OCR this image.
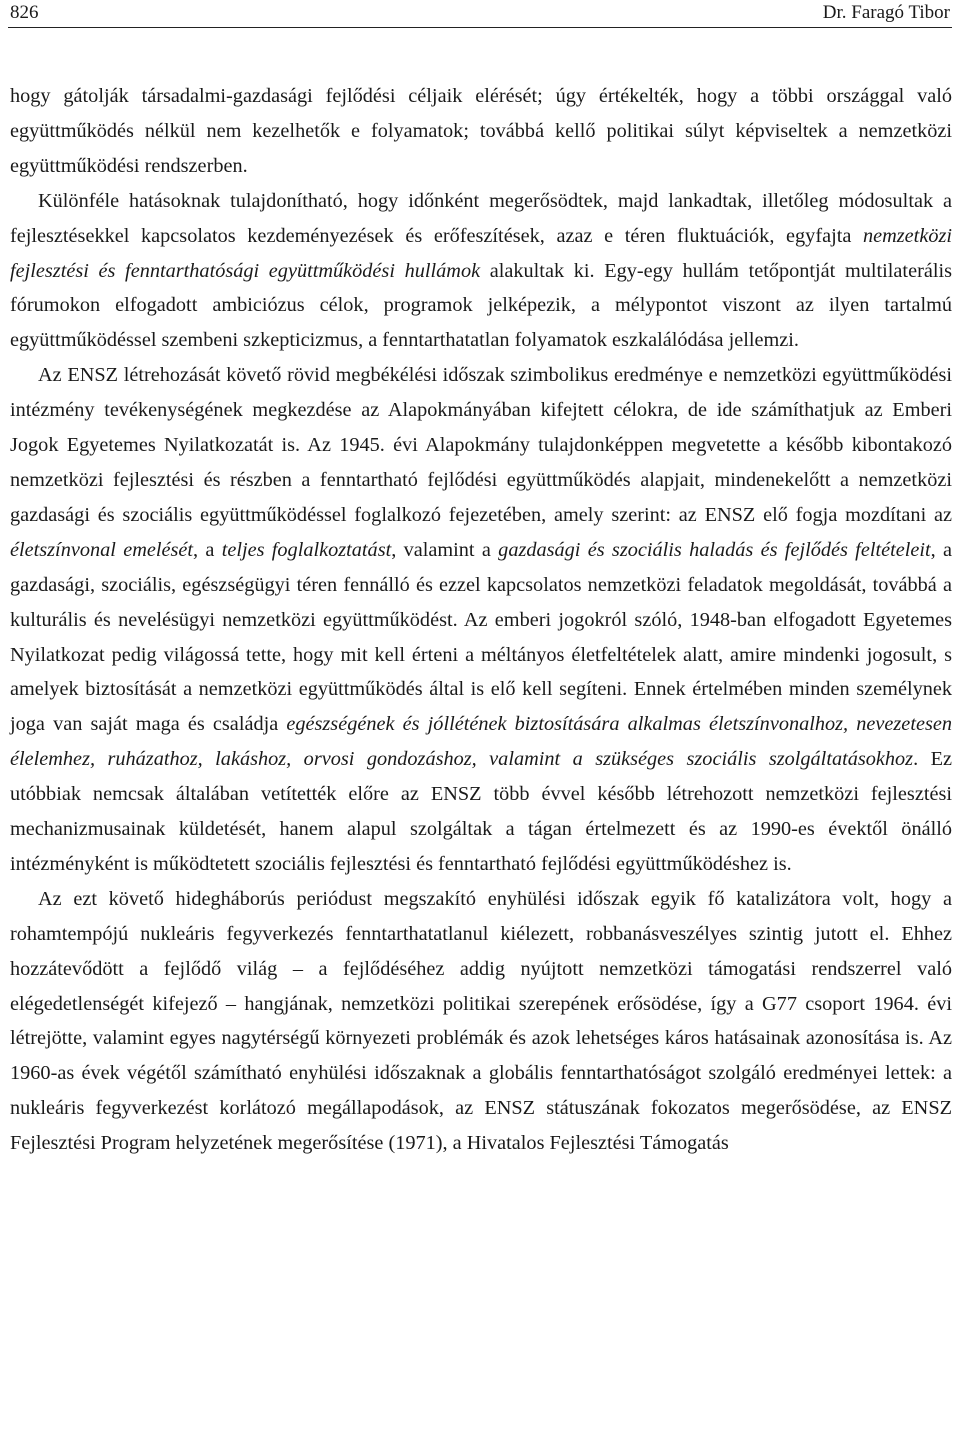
826	Dr. Faragó Tibor

hogy gátolják társadalmi-gazdasági fejlődési céljaik elérését; úgy értékelték, hogy a többi országgal való együttműködés nélkül nem kezelhetők e folyamatok; továbbá kellő politikai súlyt képviseltek a nemzetközi együttműködési rendszerben.

Különféle hatásoknak tulajdonítható, hogy időnként megerősödtek, majd lankadtak, illetőleg módosultak a fejlesztésekkel kapcsolatos kezdeményezések és erőfeszítések, azaz e téren fluktuációk, egyfajta nemzetközi fejlesztési és fenntarthatósági együttműködési hullámok alakultak ki. Egy-egy hullám tetőpontját multilaterális fórumokon elfogadott ambiciózus célok, programok jelképezik, a mélypontot viszont az ilyen tartalmú együttműködéssel szembeni szkepticizmus, a fenntarthatatlan folyamatok eszkalálódása jellemzi.

Az ENSZ létrehozását követő rövid megbékélési időszak szimbolikus eredménye e nemzetközi együttműködési intézmény tevékenységének megkezdése az Alapokmányában kifejtett célokra, de ide számíthatjuk az Emberi Jogok Egyetemes Nyilatkozatát is. Az 1945. évi Alapokmány tulajdonképpen megvetette a később kibontakozó nemzetközi fejlesztési és részben a fenntartható fejlődési együttműködés alapjait, mindenekelőtt a nemzetközi gazdasági és szociális együttműködéssel foglalkozó fejezetében, amely szerint: az ENSZ elő fogja mozdítani az életszínvonal emelését, a teljes foglalkoztatást, valamint a gazdasági és szociális haladás és fejlődés feltételeit, a gazdasági, szociális, egészségügyi téren fennálló és ezzel kapcsolatos nemzetközi feladatok megoldását, továbbá a kulturális és nevelésügyi nemzetközi együttműködést. Az emberi jogokról szóló, 1948-ban elfogadott Egyetemes Nyilatkozat pedig világossá tette, hogy mit kell érteni a méltányos életfeltételek alatt, amire mindenki jogosult, s amelyek biztosítását a nemzetközi együttműködés által is elő kell segíteni. Ennek értelmében minden személynek joga van saját maga és családja egészségének és jóllétének biztosítására alkalmas életszínvonalhoz, nevezetesen élelemhez, ruházathoz, lakáshoz, orvosi gondozáshoz, valamint a szükséges szociális szolgáltatásokhoz. Ez utóbbiak nemcsak általában vetítették előre az ENSZ több évvel később létrehozott nemzetközi fejlesztési mechanizmusainak küldetését, hanem alapul szolgáltak a tágan értelmezett és az 1990-es évektől önálló intézményként is működtetett szociális fejlesztési és fenntartható fejlődési együttműködéshez is.

Az ezt követő hidegháborús periódust megszakító enyhülési időszak egyik fő katalizátora volt, hogy a rohamtempójú nukleáris fegyverkezés fenntarthatatlanul kiélezett, robbanásveszélyes szintig jutott el. Ehhez hozzátevődött a fejlődő világ – a fejlődéséhez addig nyújtott nemzetközi támogatási rendszerrel való elégedetlenségét kifejező – hangjának, nemzetközi politikai szerepének erősödése, így a G77 csoport 1964. évi létrejötte, valamint egyes nagytérségű környezeti problémák és azok lehetséges káros hatásainak azonosítása is. Az 1960-as évek végétől számítható enyhülési időszaknak a globális fenntarthatóságot szolgáló eredményei lettek: a nukleáris fegyverkezést korlátozó megállapodások, az ENSZ státuszának fokozatos megerősödése, az ENSZ Fejlesztési Program helyzetének megerősítése (1971), a Hivatalos Fejlesztési Támogatás
